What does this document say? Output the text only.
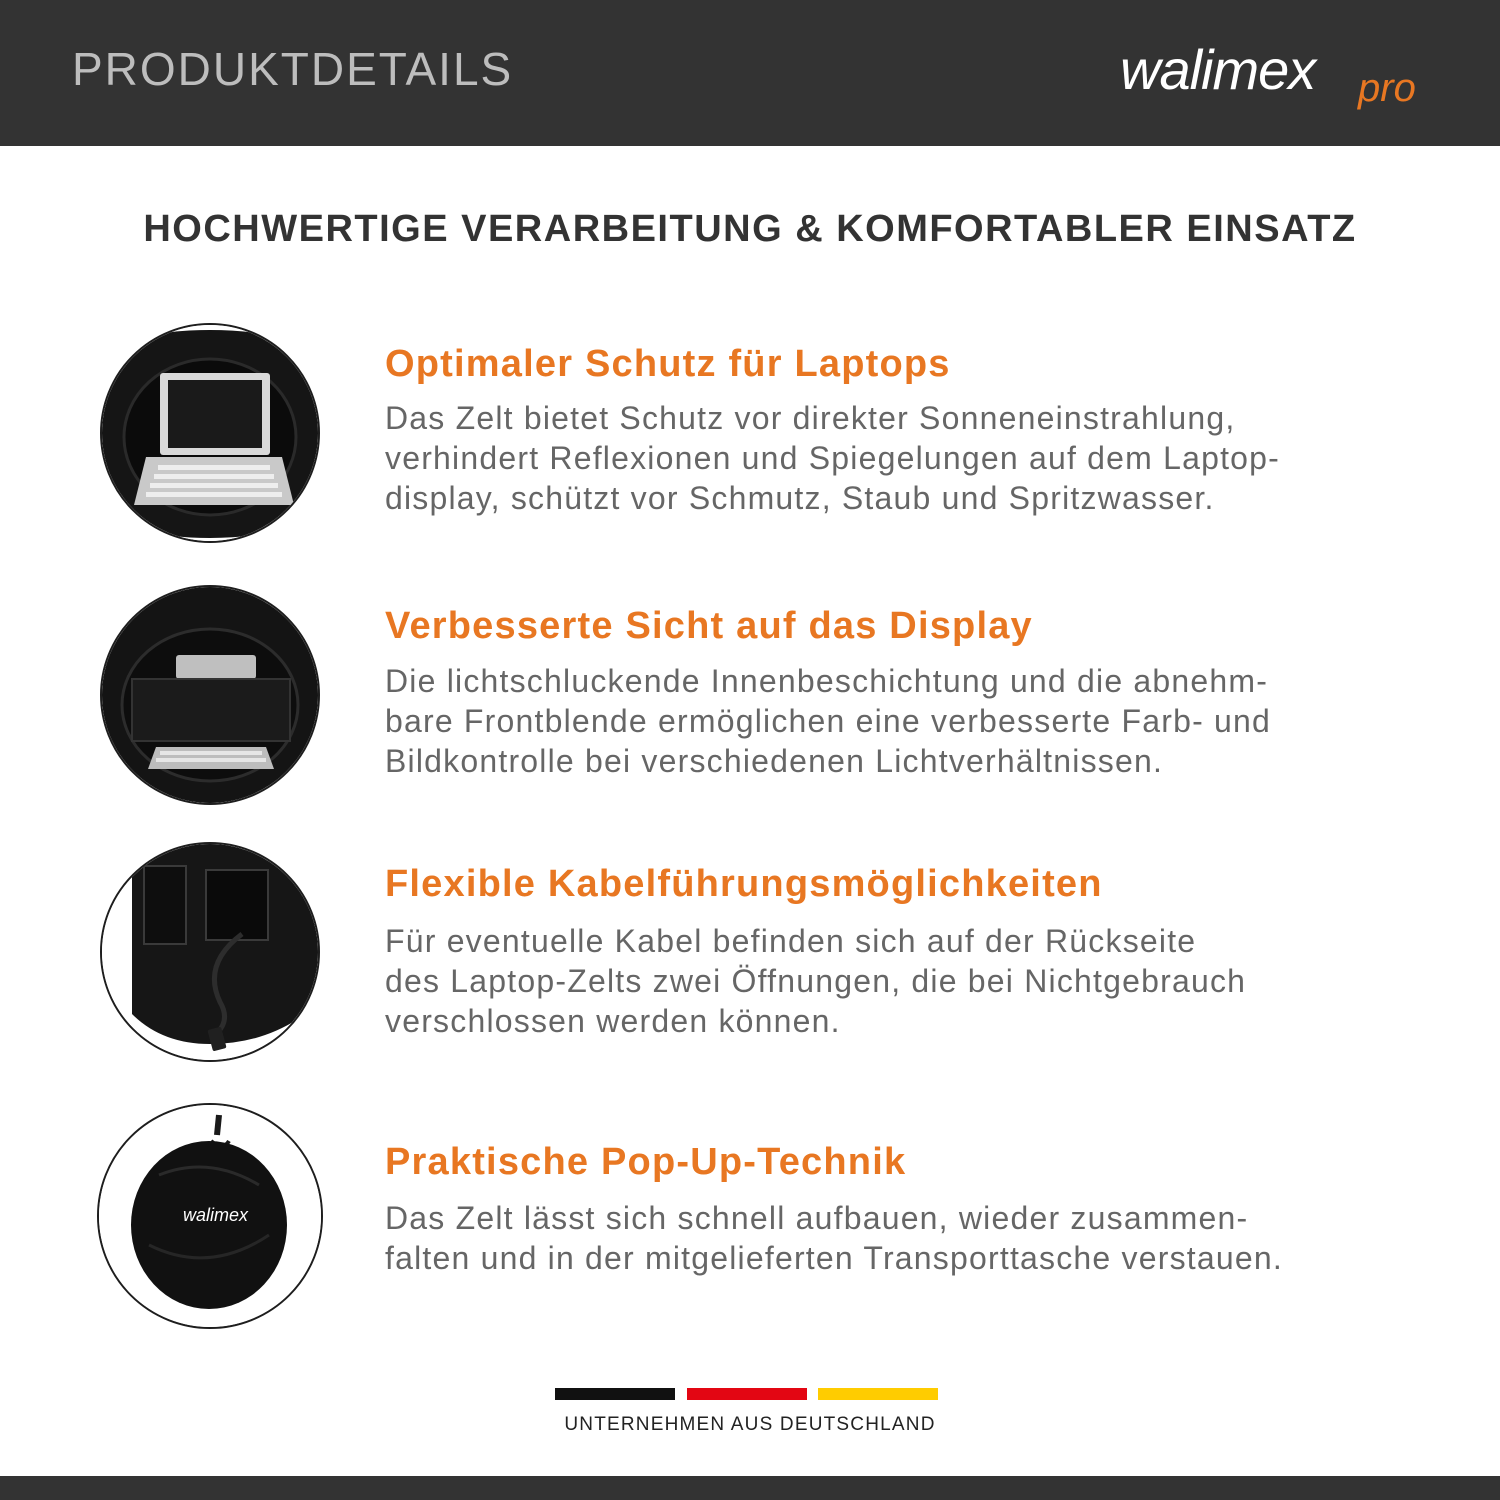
PRODUKTDETAILS	walimex pro
HOCHWERTIGE VERARBEITUNG & KOMFORTABLER EINSATZ
Optimaler Schutz für Laptops
Das Zelt bietet Schutz vor direkter Sonneneinstrahlung,
verhindert Reflexionen und Spiegelungen auf dem Laptop-
display, schützt vor Schmutz, Staub und Spritzwasser.
Verbesserte Sicht auf das Display
Die lichtschluckende Innenbeschichtung und die abnehm-
bare Frontblende ermöglichen eine verbesserte Farb- und
Bildkontrolle bei verschiedenen Lichtverhältnissen.
Flexible Kabelführungsmöglichkeiten
Für eventuelle Kabel befinden sich auf der Rückseite
des Laptop-Zelts zwei Öffnungen, die bei Nichtgebrauch
verschlossen werden können.
walimex
Praktische Pop-Up-Technik
Das Zelt lässt sich schnell aufbauen, wieder zusammen-
falten und in der mitgelieferten Transporttasche verstauen.
UNTERNEHMEN AUS DEUTSCHLAND
